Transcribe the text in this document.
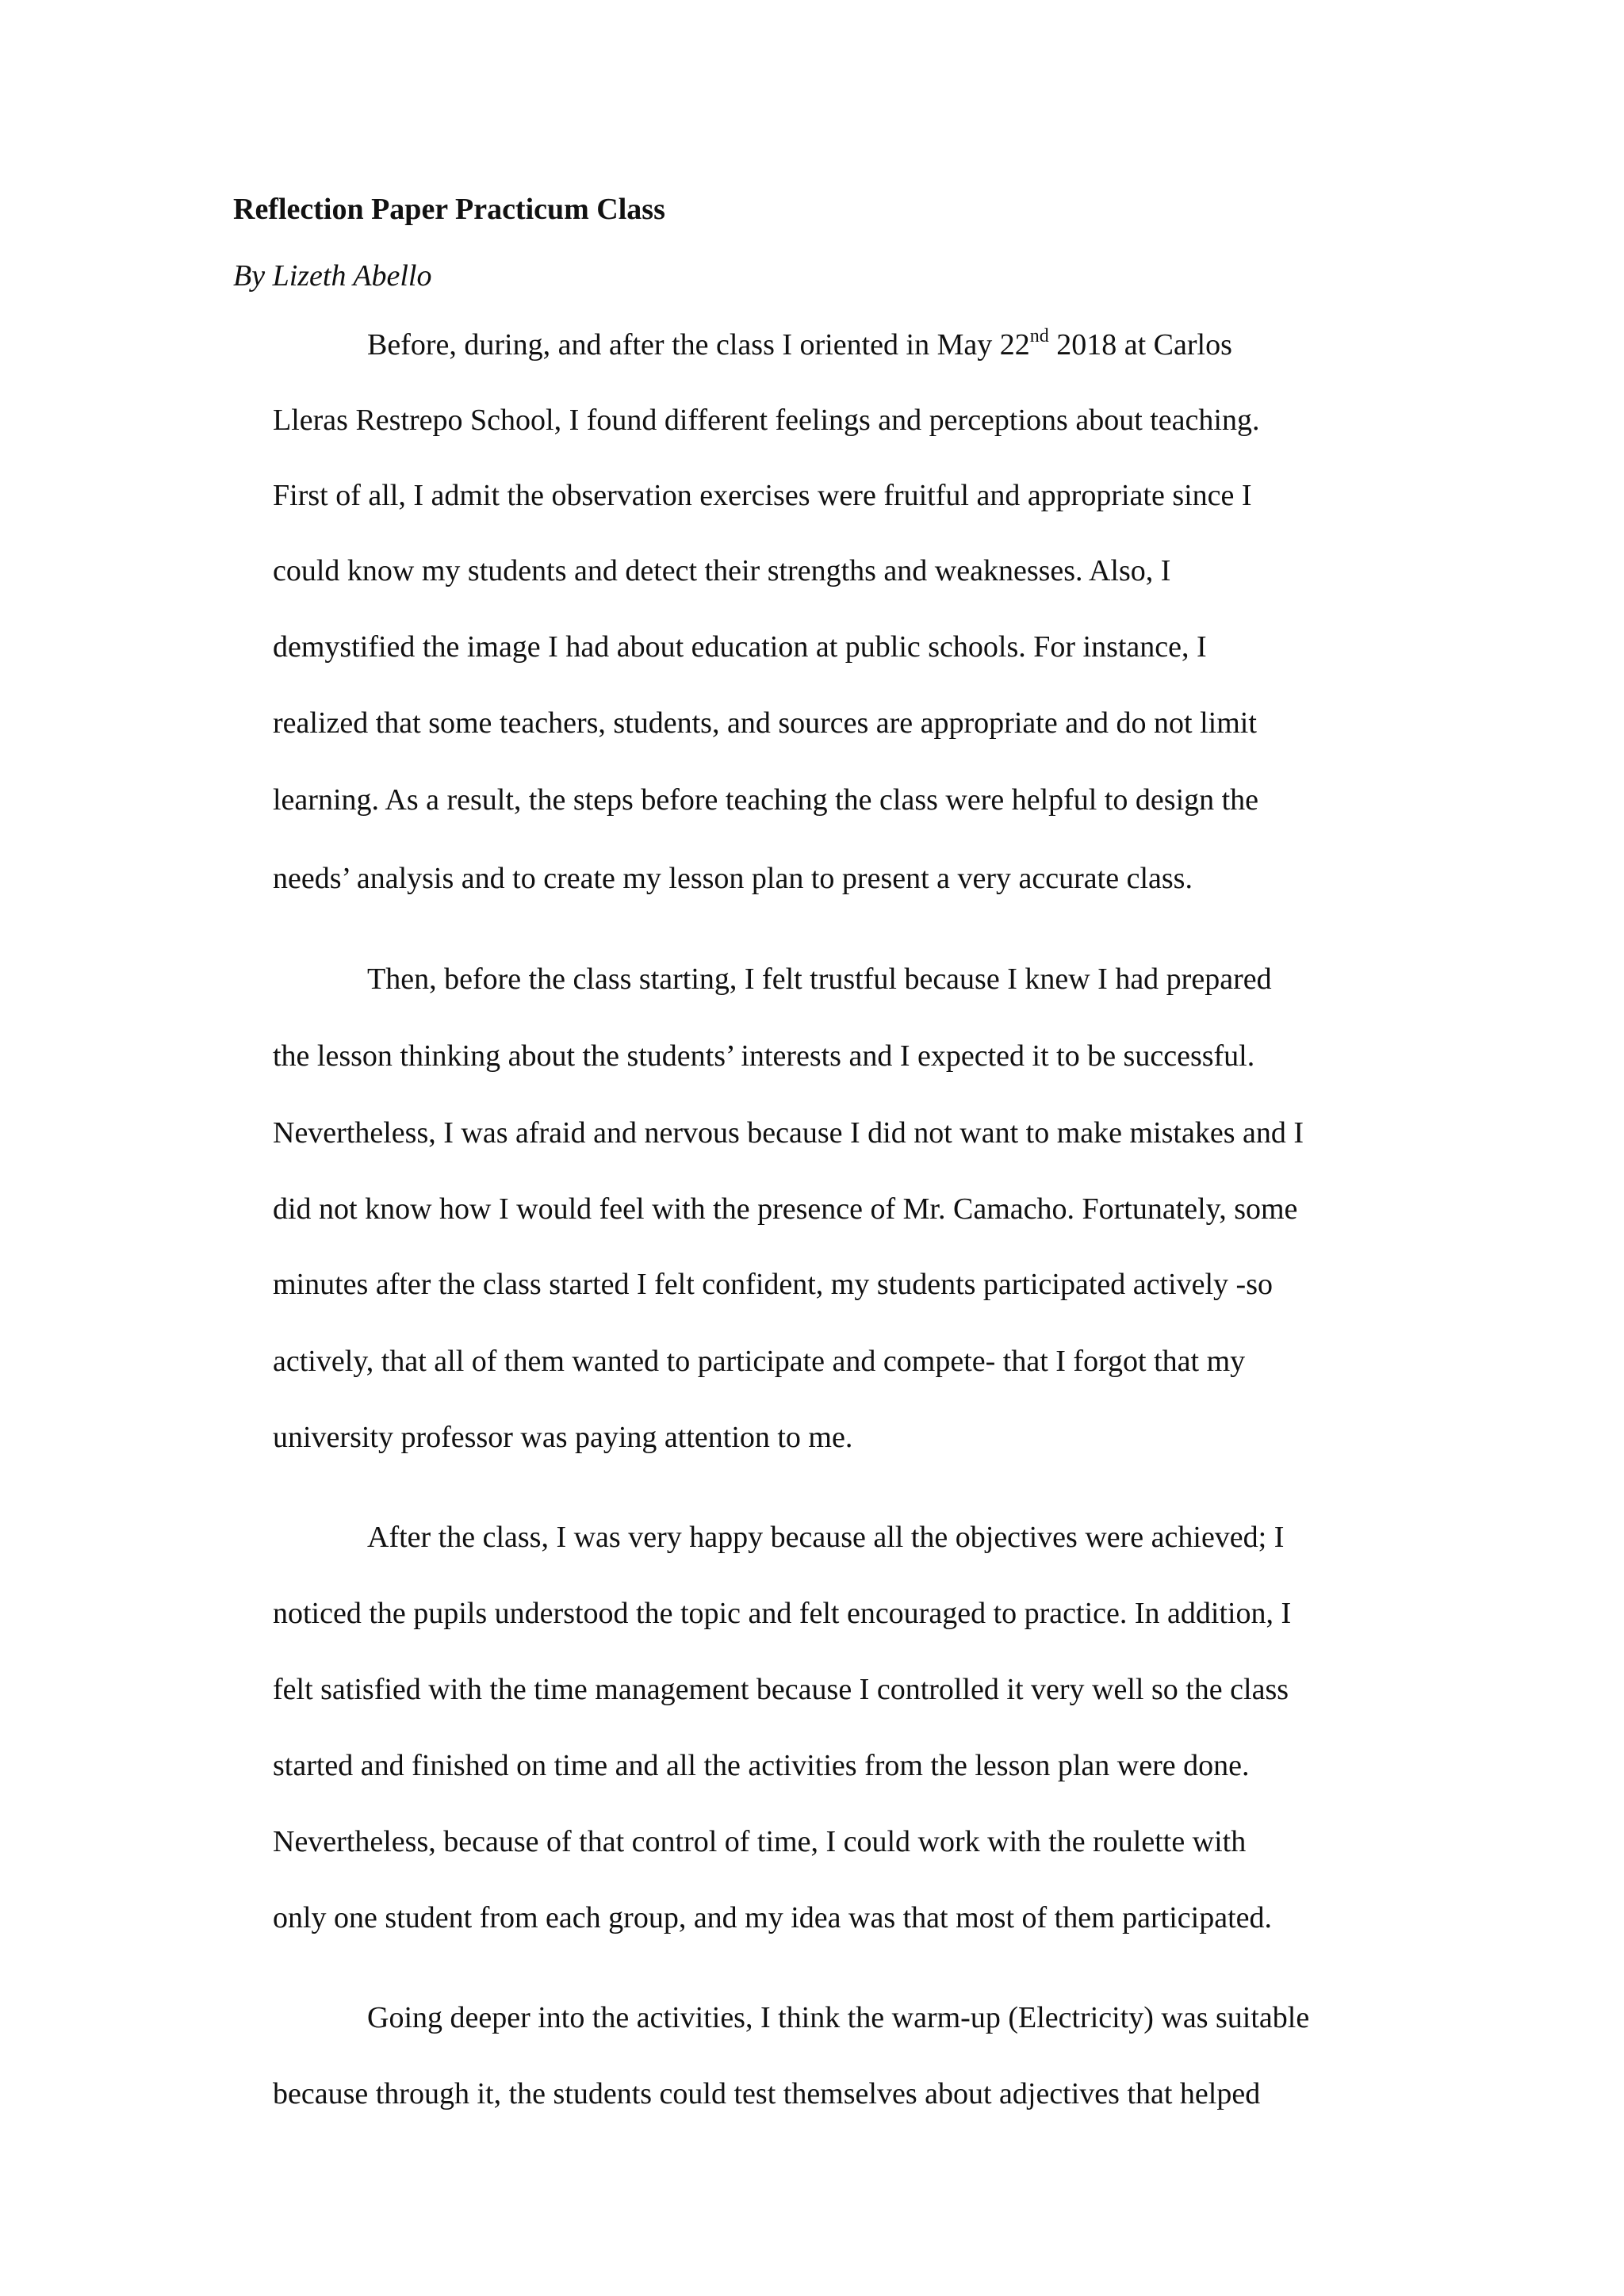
Reflection Paper Practicum Class

By Lizeth Abello

Before, during, and after the class I oriented in May 22nd 2018 at Carlos

Lleras Restrepo School, I found different feelings and perceptions about teaching.

First of all, I admit the observation exercises were fruitful and appropriate since I

could know my students and detect their strengths and weaknesses. Also, I

demystified the image I had about education at public schools. For instance, I

realized that some teachers, students, and sources are appropriate and do not limit

learning. As a result, the steps before teaching the class were helpful to design the

needs’ analysis and to create my lesson plan to present a very accurate class.

Then, before the class starting, I felt trustful because I knew I had prepared

the lesson thinking about the students’ interests and I expected it to be successful.

Nevertheless, I was afraid and nervous because I did not want to make mistakes and I

did not know how I would feel with the presence of Mr. Camacho. Fortunately, some

minutes after the class started I felt confident, my students participated actively -so

actively, that all of them wanted to participate and compete- that I forgot that my

university professor was paying attention to me.

After the class, I was very happy because all the objectives were achieved; I

noticed the pupils understood the topic and felt encouraged to practice. In addition, I

felt satisfied with the time management because I controlled it very well so the class

started and finished on time and all the activities from the lesson plan were done.

Nevertheless, because of that control of time, I could work with the roulette with

only one student from each group, and my idea was that most of them participated.

Going deeper into the activities, I think the warm-up (Electricity) was suitable

because through it, the students could test themselves about adjectives that helped
